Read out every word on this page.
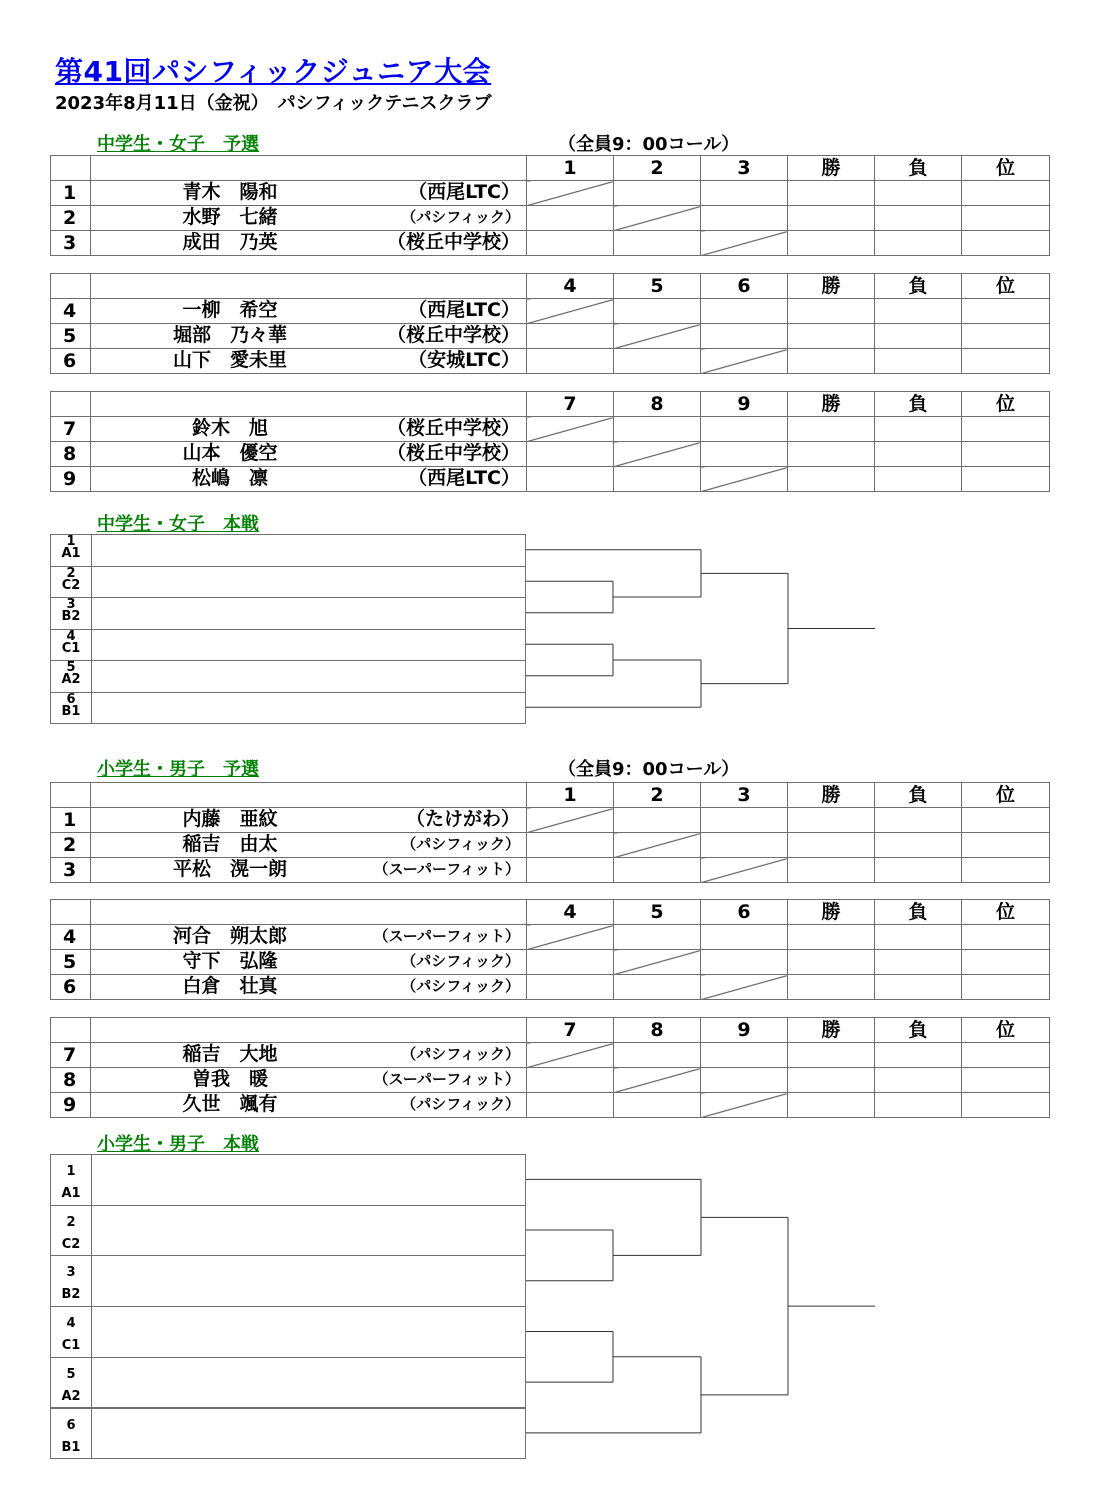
第41回パシフィックジュニア大会
2023年8月11日（金祝）　パシフィックテニスクラブ
中学生・女子　予選	（全員9：00コール）
		1	2	3	勝	負	位
1	青木　陽和 （西尾LTC）						

2	水野　七緒 （パシフィック）						

3	成田　乃英 （桜丘中学校）						

		4	5	6	勝	負	位
4	一柳　希空 （西尾LTC）						

5	堀部　乃々華 （桜丘中学校）						

6	山下　愛未里 （安城LTC）						

		7	8	9	勝	負	位
7	鈴木　旭 （桜丘中学校）						

8	山本　優空 （桜丘中学校）						

9	松嶋　凛 （西尾LTC）						

小学生・男子　予選	（全員9：00コール）
		1	2	3	勝	負	位
1	内藤　亜紋 （たけがわ）						

2	稲吉　由太 （パシフィック）						

3	平松　滉一朗 （スーパーフィット）						

		4	5	6	勝	負	位
4	河合　朔太郎 （スーパーフィット）						

5	守下　弘隆 （パシフィック）						

6	白倉　壮真 （パシフィック）						

		7	8	9	勝	負	位
7	稲吉　大地 （パシフィック）						

8	曽我　暖 （スーパーフィット）						

9	久世　颯有 （パシフィック）						

中学生・女子　本戦
1
A1
2
C2
3
B2
4
C1
5
A2
6
B1
小学生・男子　本戦
1
A1
2
C2
3
B2
4
C1
5
A2
6
B1
